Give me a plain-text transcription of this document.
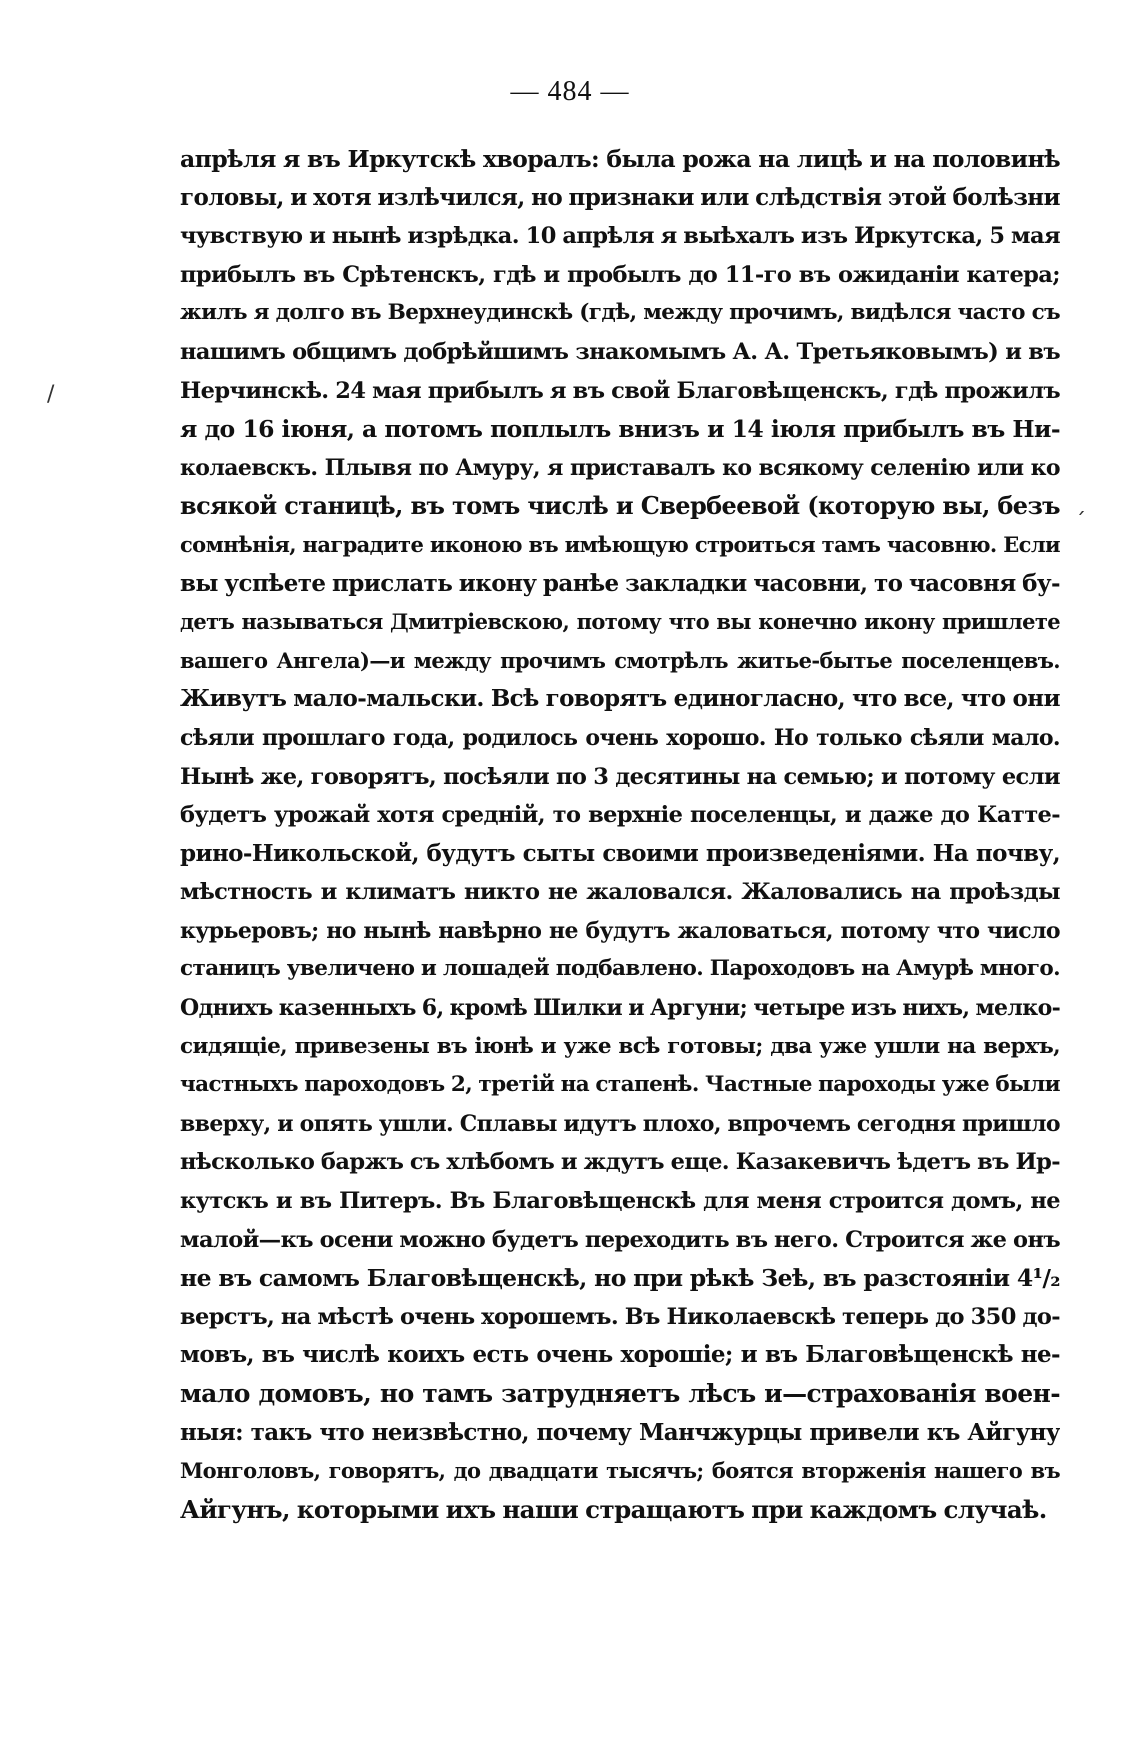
— 484 —
/
ˊ
апрѣля я въ Иркутскѣ хворалъ: была рожа на лицѣ и на половинѣ
головы, и хотя излѣчился, но признаки или слѣдствія этой болѣзни
чувствую и нынѣ изрѣдка. 10 апрѣля я выѣхалъ изъ Иркутска, 5 мая
прибылъ въ Срѣтенскъ, гдѣ и пробылъ до 11-го въ ожиданіи катера;
жилъ я долго въ Верхнеудинскѣ (гдѣ, между прочимъ, видѣлся часто съ
нашимъ общимъ добрѣйшимъ знакомымъ А. А. Третьяковымъ) и въ
Нерчинскѣ. 24 мая прибылъ я въ свой Благовѣщенскъ, гдѣ прожилъ
я до 16 іюня, а потомъ поплылъ внизъ и 14 іюля прибылъ въ Ни-
колаевскъ. Плывя по Амуру, я приставалъ ко всякому селенію или ко
всякой станицѣ, въ томъ числѣ и Свербеевой (которую вы, безъ
сомнѣнія, наградите иконою въ имѣющую строиться тамъ часовню. Если
вы успѣете прислать икону ранѣе закладки часовни, то часовня бу-
детъ называться Дмитріевскою, потому что вы конечно икону пришлете
вашего Ангела)—и между прочимъ смотрѣлъ житье-бытье поселенцевъ.
Живутъ мало-мальски. Всѣ говорятъ единогласно, что все, что они
сѣяли прошлаго года, родилось очень хорошо. Но только сѣяли мало.
Нынѣ же, говорятъ, посѣяли по 3 десятины на семью; и потому если
будетъ урожай хотя средній, то верхніе поселенцы, и даже до Катте-
рино-Никольской, будутъ сыты своими произведеніями. На почву,
мѣстность и климатъ никто не жаловался. Жаловались на проѣзды
курьеровъ; но нынѣ навѣрно не будутъ жаловаться, потому что число
станицъ увеличено и лошадей подбавлено. Пароходовъ на Амурѣ много.
Однихъ казенныхъ 6, кромѣ Шилки и Аргуни; четыре изъ нихъ, мелко-
сидящіе, привезены въ іюнѣ и уже всѣ готовы; два уже ушли на верхъ,
частныхъ пароходовъ 2, третій на стапенѣ. Частные пароходы уже были
вверху, и опять ушли. Сплавы идутъ плохо, впрочемъ сегодня пришло
нѣсколько баржъ съ хлѣбомъ и ждутъ еще. Казакевичъ ѣдетъ въ Ир-
кутскъ и въ Питеръ. Въ Благовѣщенскѣ для меня строится домъ, не
малой—къ осени можно будетъ переходить въ него. Строится же онъ
не въ самомъ Благовѣщенскѣ, но при рѣкѣ Зеѣ, въ разстояніи 4¹/₂
верстъ, на мѣстѣ очень хорошемъ. Въ Николаевскѣ теперь до 350 до-
мовъ, въ числѣ коихъ есть очень хорошіе; и въ Благовѣщенскѣ не-
мало домовъ, но тамъ затрудняетъ лѣсъ и—страхованія воен-
ныя: такъ что неизвѣстно, почему Манчжурцы привели къ Айгуну
Монголовъ, говорятъ, до двадцати тысячъ; боятся вторженія нашего въ
Айгунъ, которыми ихъ наши стращаютъ при каждомъ случаѣ.
